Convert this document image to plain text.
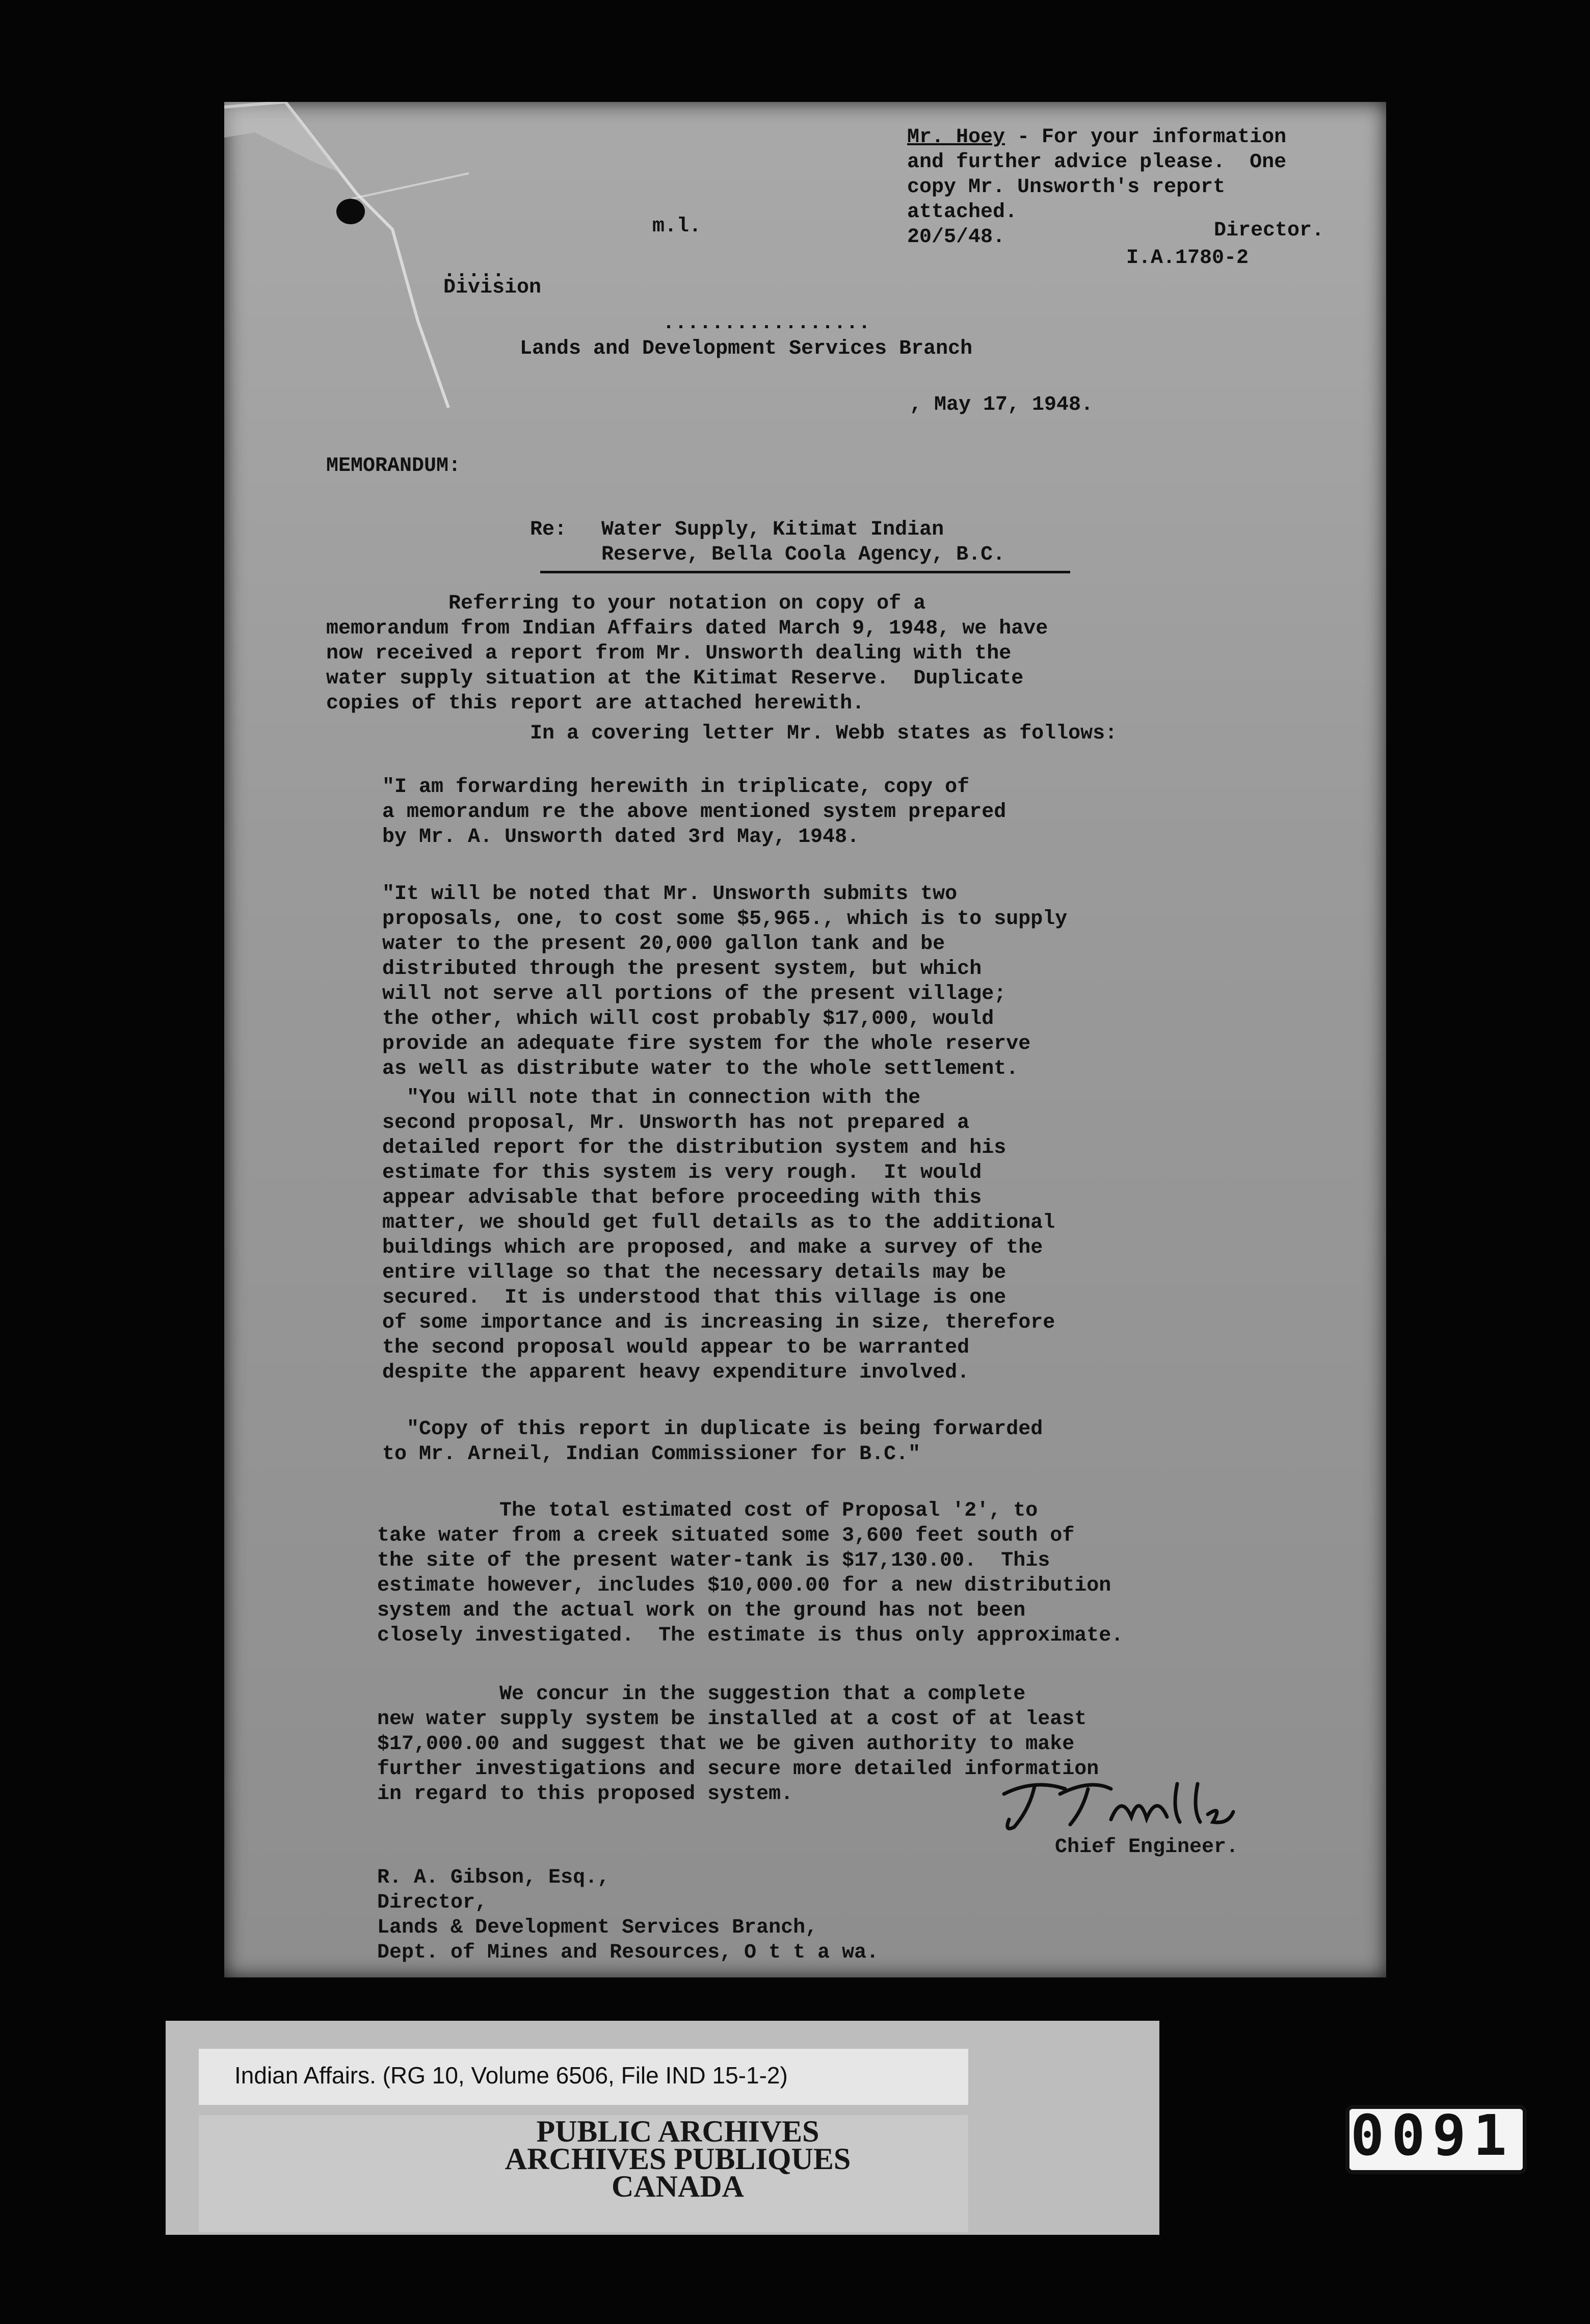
Mr. Hoey - For your information
and further advice please.  One
copy Mr. Unsworth's report
attached.
20/5/48.	Director.
m.l.
I.A.1780-2
.....
Division
.................
Lands and Development Services Branch
, May 17, 1948.
MEMORANDUM:
Re: Water Supply, Kitimat Indian
Reserve, Bella Coola Agency, B.C.
Referring to your notation on copy of a
memorandum from Indian Affairs dated March 9, 1948, we have
now received a report from Mr. Unsworth dealing with the
water supply situation at the Kitimat Reserve.  Duplicate
copies of this report are attached herewith.
In a covering letter Mr. Webb states as follows:
"I am forwarding herewith in triplicate, copy of
a memorandum re the above mentioned system prepared
by Mr. A. Unsworth dated 3rd May, 1948.
"It will be noted that Mr. Unsworth submits two
proposals, one, to cost some $5,965., which is to supply
water to the present 20,000 gallon tank and be
distributed through the present system, but which
will not serve all portions of the present village;
the other, which will cost probably $17,000, would
provide an adequate fire system for the whole reserve
as well as distribute water to the whole settlement.
"You will note that in connection with the
second proposal, Mr. Unsworth has not prepared a
detailed report for the distribution system and his
estimate for this system is very rough.  It would
appear advisable that before proceeding with this
matter, we should get full details as to the additional
buildings which are proposed, and make a survey of the
entire village so that the necessary details may be
secured.  It is understood that this village is one
of some importance and is increasing in size, therefore
the second proposal would appear to be warranted
despite the apparent heavy expenditure involved.
"Copy of this report in duplicate is being forwarded
to Mr. Arneil, Indian Commissioner for B.C."
The total estimated cost of Proposal '2', to
take water from a creek situated some 3,600 feet south of
the site of the present water-tank is $17,130.00.  This
estimate however, includes $10,000.00 for a new distribution
system and the actual work on the ground has not been
closely investigated.  The estimate is thus only approximate.
We concur in the suggestion that a complete
new water supply system be installed at a cost of at least
$17,000.00 and suggest that we be given authority to make
further investigations and secure more detailed information
in regard to this proposed system.
Chief Engineer.
R. A. Gibson, Esq.,
Director,
Lands & Development Services Branch,
Dept. of Mines and Resources, O t t a wa.
Indian Affairs. (RG 10, Volume 6506, File IND 15-1-2)
PUBLIC ARCHIVES
ARCHIVES PUBLIQUES
CANADA
0091
